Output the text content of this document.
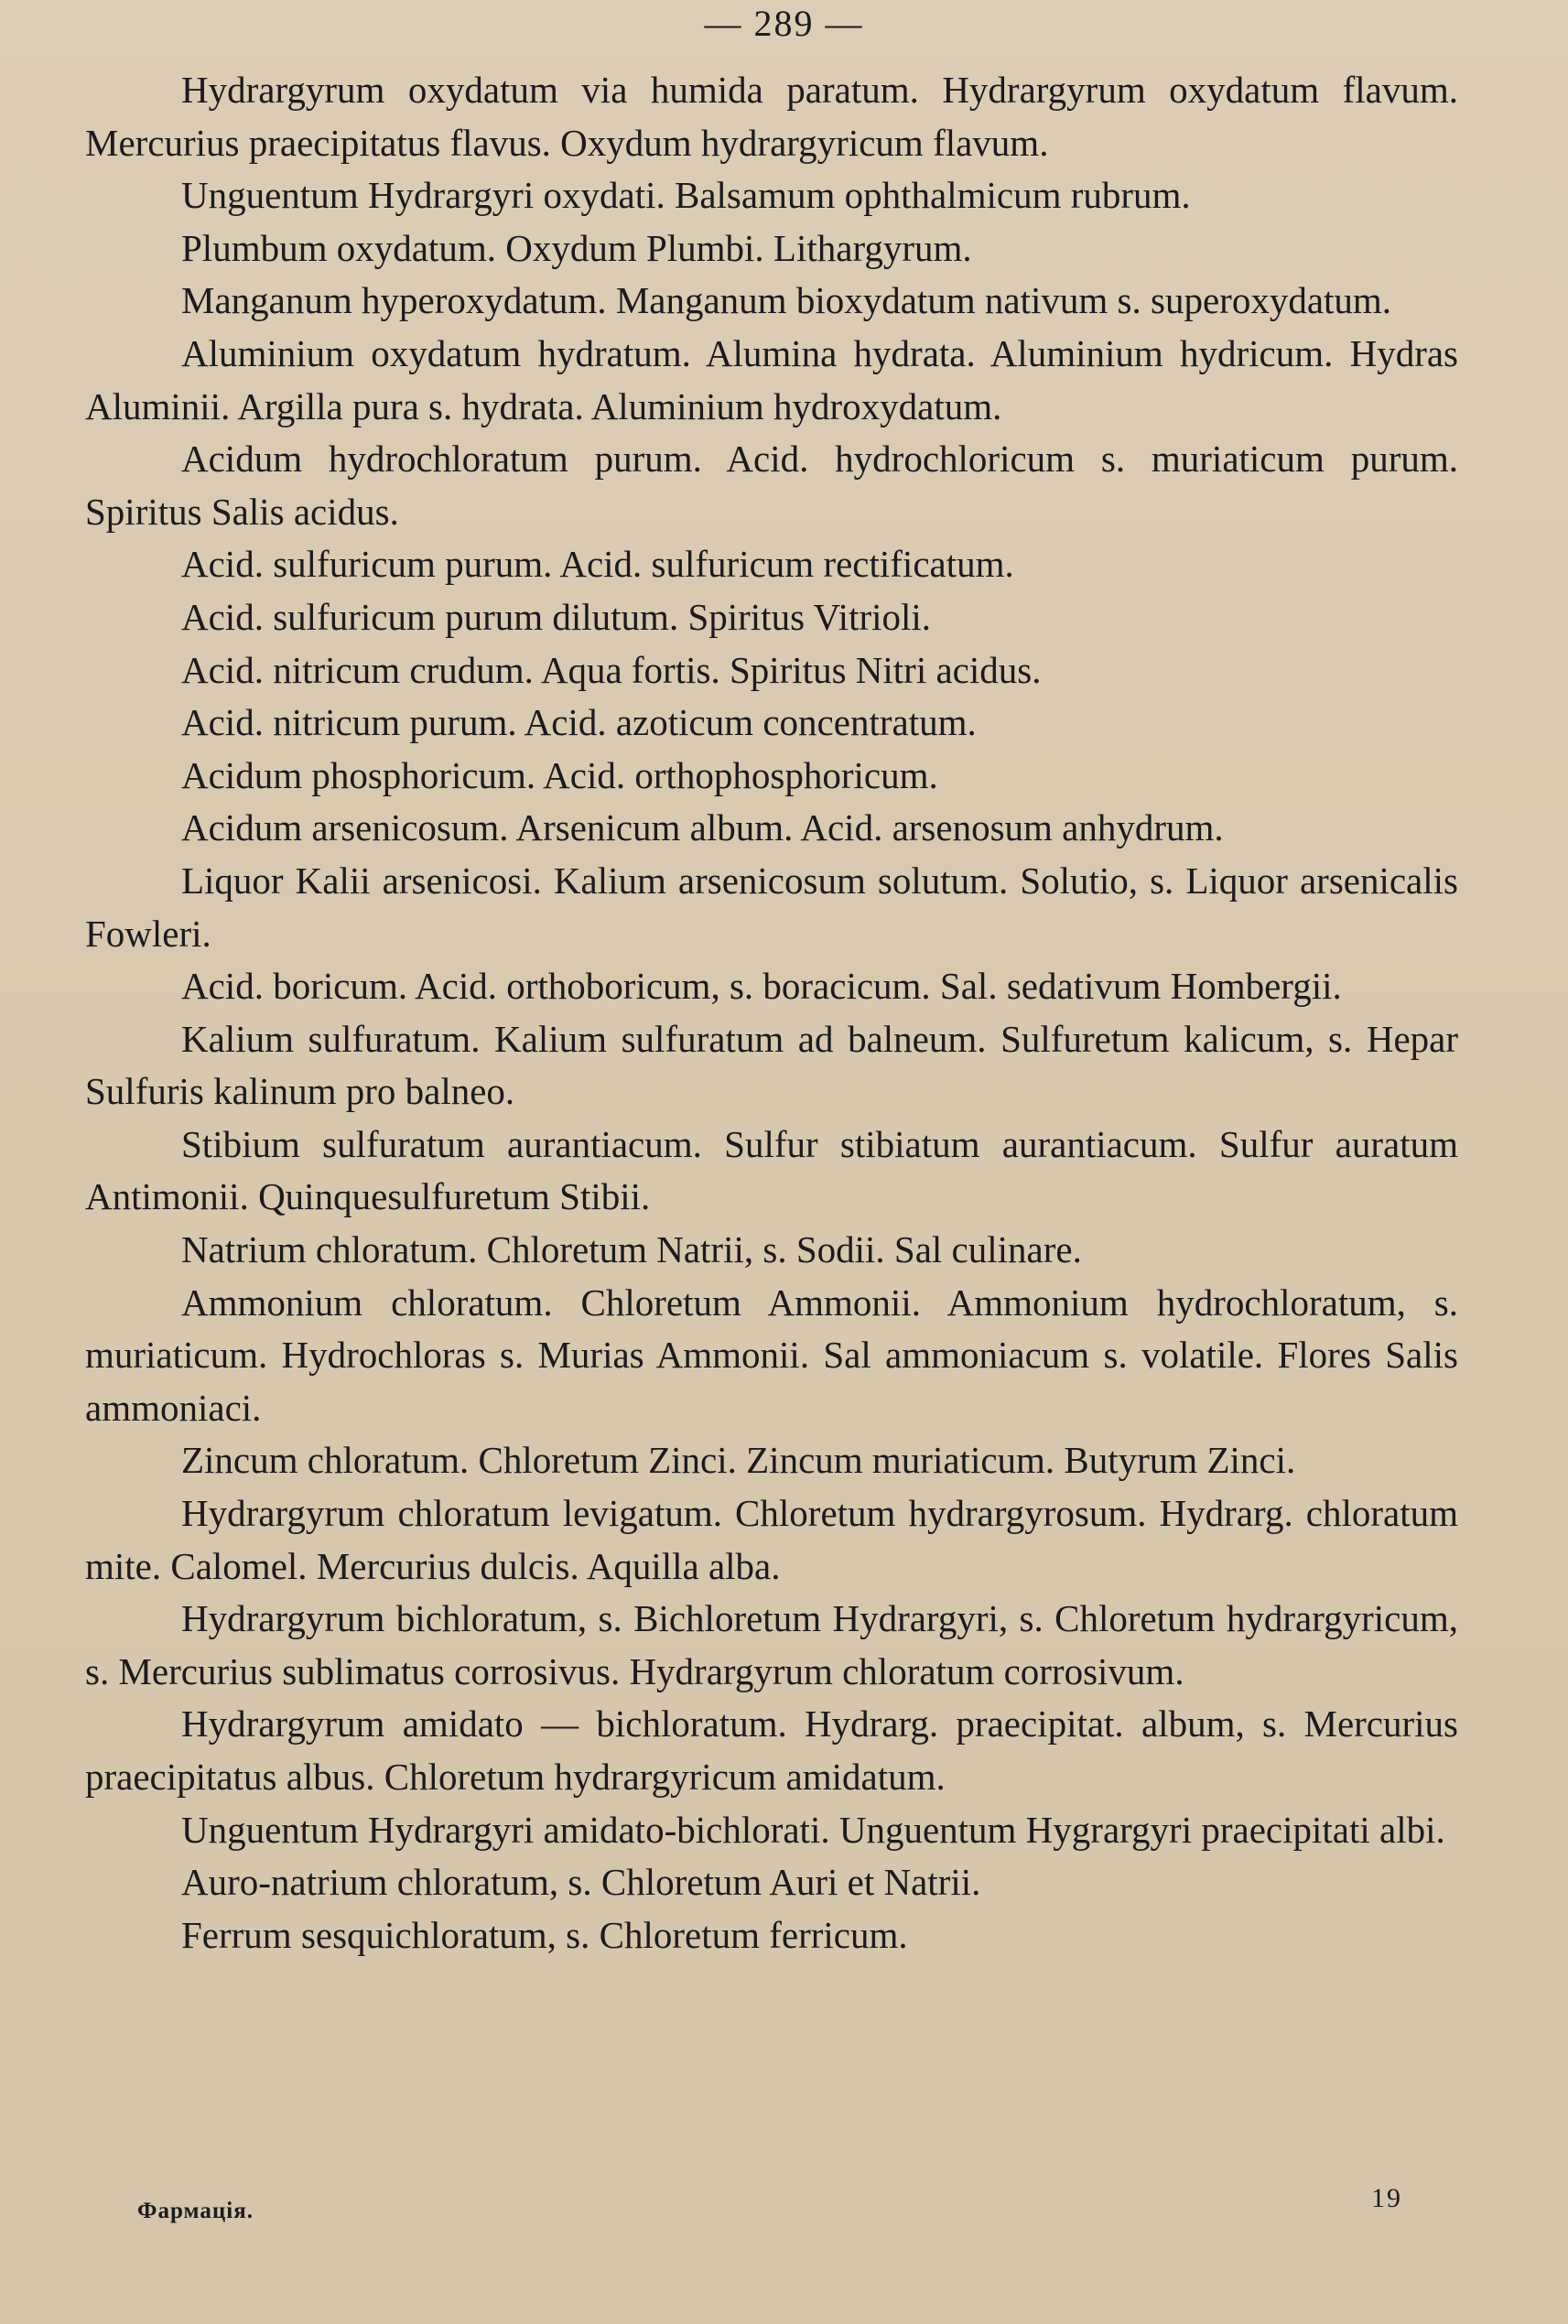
— 289 —

Hydrargyrum oxydatum via humida paratum. Hydrargyrum oxydatum flavum. Mercurius praecipitatus flavus. Oxydum hydrargyricum flavum.

Unguentum Hydrargyri oxydati. Balsamum ophthalmicum rubrum.

Plumbum oxydatum. Oxydum Plumbi. Lithargyrum.

Manganum hyperoxydatum. Manganum bioxydatum nativum s. superoxydatum.

Aluminium oxydatum hydratum. Alumina hydrata. Aluminium hydricum. Hydras Aluminii. Argilla pura s. hydrata. Aluminium hydroxydatum.

Acidum hydrochloratum purum. Acid. hydrochloricum s. muriaticum purum. Spiritus Salis acidus.

Acid. sulfuricum purum. Acid. sulfuricum rectificatum.

Acid. sulfuricum purum dilutum. Spiritus Vitrioli.

Acid. nitricum crudum. Aqua fortis. Spiritus Nitri acidus.

Acid. nitricum purum. Acid. azoticum concentratum.

Acidum phosphoricum. Acid. orthophosphoricum.

Acidum arsenicosum. Arsenicum album. Acid. arsenosum anhydrum.

Liquor Kalii arsenicosi. Kalium arsenicosum solutum. Solutio, s. Liquor arsenicalis Fowleri.

Acid. boricum. Acid. orthoboricum, s. boracicum. Sal. sedativum Hombergii.

Kalium sulfuratum. Kalium sulfuratum ad balneum. Sulfuretum kalicum, s. Hepar Sulfuris kalinum pro balneo.

Stibium sulfuratum aurantiacum. Sulfur stibiatum aurantiacum. Sulfur auratum Antimonii. Quinquesulfuretum Stibii.

Natrium chloratum. Chloretum Natrii, s. Sodii. Sal culinare.

Ammonium chloratum. Chloretum Ammonii. Ammonium hydrochloratum, s. muriaticum. Hydrochloras s. Murias Ammonii. Sal ammoniacum s. volatile. Flores Salis ammoniaci.

Zincum chloratum. Chloretum Zinci. Zincum muriaticum. Butyrum Zinci.

Hydrargyrum chloratum levigatum. Chloretum hydrargyrosum. Hydrarg. chloratum mite. Calomel. Mercurius dulcis. Aquilla alba.

Hydrargyrum bichloratum, s. Bichloretum Hydrargyri, s. Chloretum hydrargyricum, s. Mercurius sublimatus corrosivus. Hydrargyrum chloratum corrosivum.

Hydrargyrum amidato — bichloratum. Hydrarg. praecipitat. album, s. Mercurius praecipitatus albus. Chloretum hydrargyricum amidatum.

Unguentum Hydrargyri amidato-bichlorati. Unguentum Hygrargyri praecipitati albi.

Auro-natrium chloratum, s. Chloretum Auri et Natrii.

Ferrum sesquichloratum, s. Chloretum ferricum.

Фармація.	19
